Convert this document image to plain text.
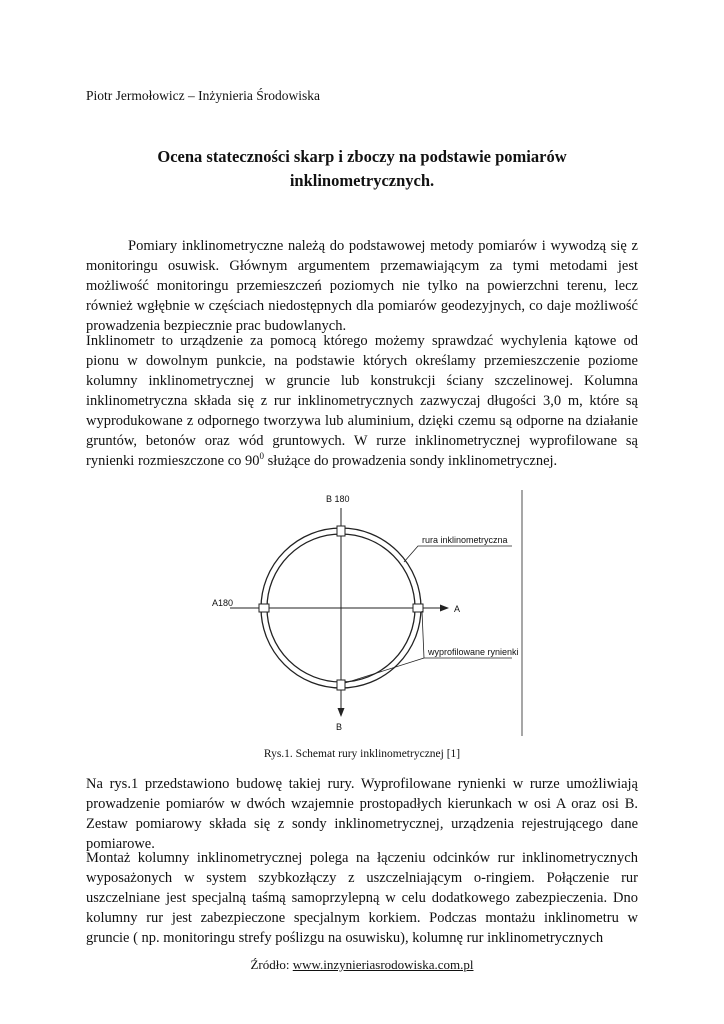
Piotr Jermołowicz – Inżynieria Środowiska
Ocena stateczności skarp i zboczy na podstawie pomiarów
inklinometrycznych.
Pomiary inklinometryczne należą do podstawowej metody pomiarów i wywodzą się z monitoringu osuwisk. Głównym argumentem przemawiającym za tymi metodami jest możliwość monitoringu przemieszczeń poziomych nie tylko na powierzchni terenu, lecz również wgłębnie w częściach niedostępnych dla pomiarów geodezyjnych, co daje możliwość prowadzenia bezpiecznie prac budowlanych.
Inklinometr to urządzenie za pomocą którego możemy sprawdzać wychylenia kątowe od pionu w dowolnym punkcie, na podstawie których określamy przemieszczenie poziome kolumny inklinometrycznej w gruncie lub konstrukcji ściany szczelinowej. Kolumna inklinometryczna składa się z rur inklinometrycznych zazwyczaj długości 3,0 m, które są wyprodukowane z odpornego tworzywa lub aluminium, dzięki czemu są odporne na działanie gruntów, betonów oraz wód gruntowych. W rurze inklinometrycznej wyprofilowane są rynienki rozmieszczone co $90^0$ służące do prowadzenia sondy inklinometrycznej.
B 180
A180
A
B
rura inklinometryczna
wyprofilowane rynienki
Rys.1. Schemat rury inklinometrycznej [1]
Na rys.1 przedstawiono budowę takiej rury. Wyprofilowane rynienki w rurze umożliwiają prowadzenie pomiarów w dwóch wzajemnie prostopadłych kierunkach w osi A oraz osi B. Zestaw pomiarowy składa się z sondy inklinometrycznej, urządzenia rejestrującego dane pomiarowe.
Montaż kolumny inklinometrycznej polega na łączeniu odcinków rur inklinometrycznych wyposażonych w system szybkozłączy z uszczelniającym o-ringiem. Połączenie rur uszczelniane jest specjalną taśmą samoprzylepną w celu dodatkowego zabezpieczenia. Dno kolumny rur jest zabezpieczone specjalnym korkiem. Podczas montażu inklinometru w gruncie ( np. monitoringu strefy poślizgu na osuwisku), kolumnę rur inklinometrycznych
Źródło: www.inzynieriasrodowiska.com.pl
